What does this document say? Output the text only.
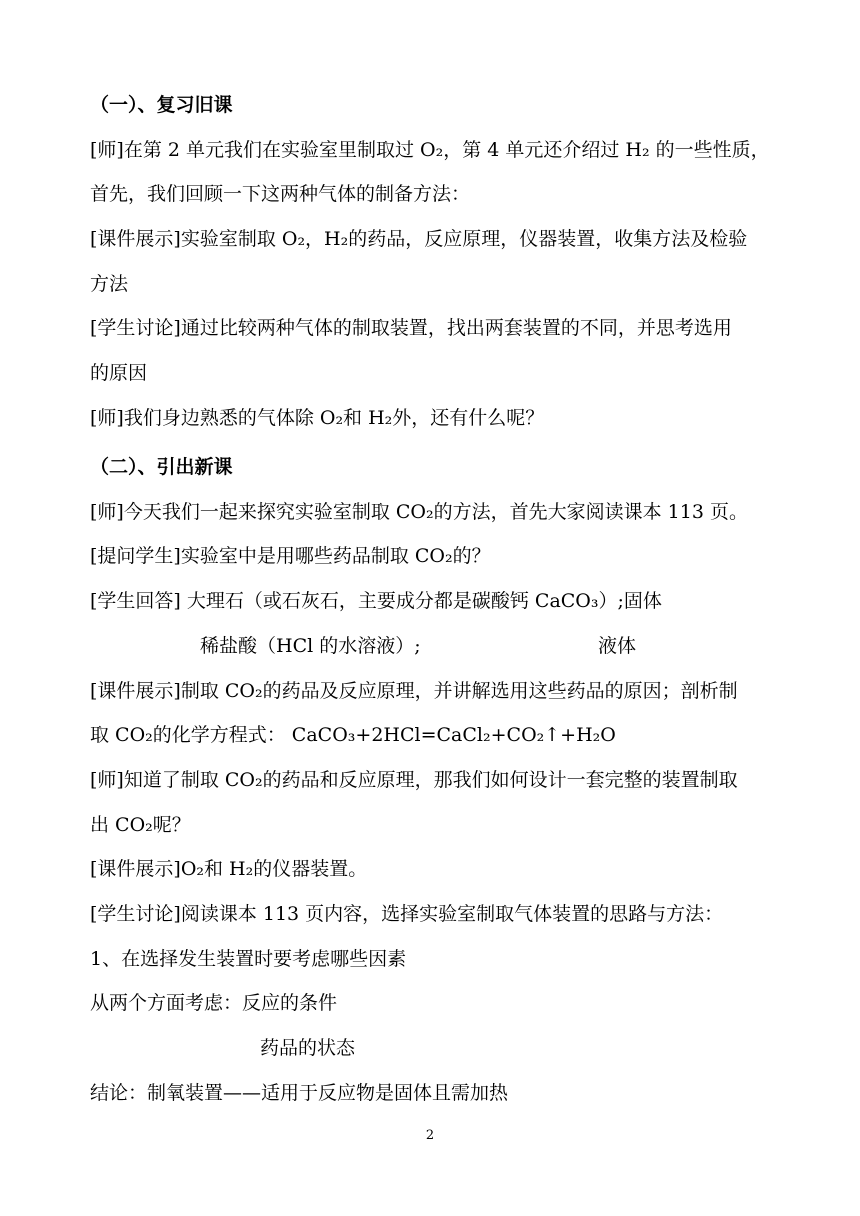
（一）、复习旧课
[师]在第 2 单元我们在实验室里制取过 O₂，第 4 单元还介绍过 H₂ 的一些性质，
首先，我们回顾一下这两种气体的制备方法：
[课件展示]实验室制取 O₂，H₂的药品，反应原理，仪器装置，收集方法及检验
方法
[学生讨论]通过比较两种气体的制取装置，找出两套装置的不同，并思考选用
的原因
[师]我们身边熟悉的气体除 O₂和 H₂外，还有什么呢？
（二）、引出新课
[师]今天我们一起来探究实验室制取 CO₂的方法，首先大家阅读课本 113 页。
[提问学生]实验室中是用哪些药品制取 CO₂的？
[学生回答] 大理石（或石灰石，主要成分都是碳酸钙 CaCO₃）;固体
稀盐酸（HCl 的水溶液）;	液体
[课件展示]制取 CO₂的药品及反应原理，并讲解选用这些药品的原因；剖析制
取 CO₂的化学方程式： CaCO₃+2HCl=CaCl₂+CO₂↑+H₂O
[师]知道了制取 CO₂的药品和反应原理，那我们如何设计一套完整的装置制取
出 CO₂呢？
[课件展示]O₂和 H₂的仪器装置。
[学生讨论]阅读课本 113 页内容，选择实验室制取气体装置的思路与方法：
1、在选择发生装置时要考虑哪些因素
从两个方面考虑：反应的条件
药品的状态
结论：制氧装置——适用于反应物是固体且需加热
2
